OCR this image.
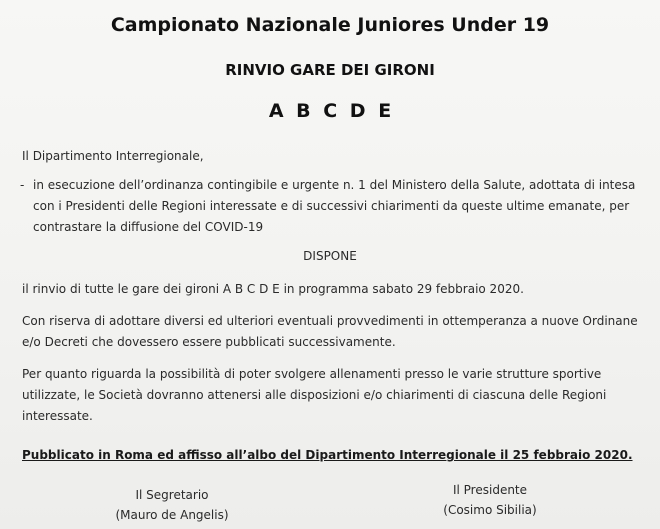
Campionato Nazionale Juniores Under 19
RINVIO GARE DEI GIRONI
A B C D E
Il Dipartimento Interregionale,
- in esecuzione dell’ordinanza contingibile e urgente n. 1 del Ministero della Salute, adottata di intesa con i Presidenti delle Regioni interessate e di successivi chiarimenti da queste ultime emanate, per contrastare la diffusione del COVID-19
DISPONE
il rinvio di tutte le gare dei gironi A B C D E in programma sabato 29 febbraio 2020.
Con riserva di adottare diversi ed ulteriori eventuali provvedimenti in ottemperanza a nuove Ordinane e/o Decreti che dovessero essere pubblicati successivamente.
Per quanto riguarda la possibilità di poter svolgere allenamenti presso le varie strutture sportive utilizzate, le Società dovranno attenersi alle disposizioni e/o chiarimenti di ciascuna delle Regioni interessate.
Pubblicato in Roma ed affisso all’albo del Dipartimento Interregionale il 25 febbraio 2020.
Il Segretario
(Mauro de Angelis)
Il Presidente
(Cosimo Sibilia)
